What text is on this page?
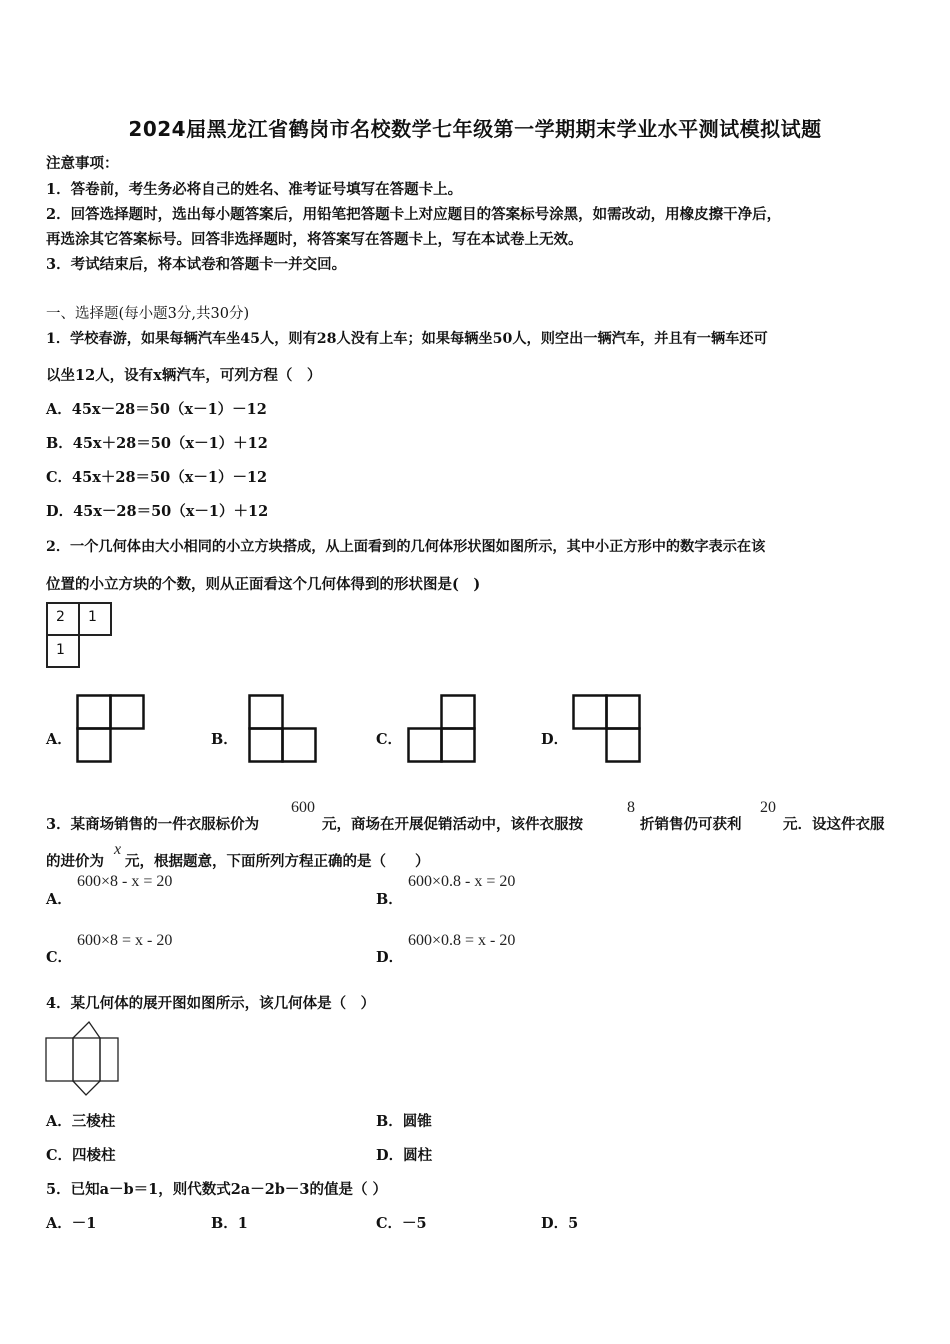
2024届黑龙江省鹤岗市名校数学七年级第一学期期末学业水平测试模拟试题
注意事项：
1．答卷前，考生务必将自己的姓名、准考证号填写在答题卡上。
2．回答选择题时，选出每小题答案后，用铅笔把答题卡上对应题目的答案标号涂黑，如需改动，用橡皮擦干净后，
再选涂其它答案标号。回答非选择题时，将答案写在答题卡上，写在本试卷上无效。
3．考试结束后，将本试卷和答题卡一并交回。
一、选择题(每小题3分,共30分)
1．学校春游，如果每辆汽车坐45人，则有28人没有上车；如果每辆坐50人，则空出一辆汽车，并且有一辆车还可
以坐12人，设有x辆汽车，可列方程（　）
A．45x－28＝50（x－1）－12
B．45x＋28＝50（x－1）＋12
C．45x＋28＝50（x－1）－12
D．45x－28＝50（x－1）＋12
2．一个几何体由大小相同的小立方块搭成，从上面看到的几何体形状图如图所示，其中小正方形中的数字表示在该
位置的小立方块的个数，则从正面看这个几何体得到的形状图是(　)
2 1
1
A．	B．	C．	D．
3．某商场销售的一件衣服标价为
600
元，商场在开展促销活动中，该件衣服按
8
折销售仍可获利
20
元．设这件衣服
的进价为
x
元，根据题意，下面所列方程正确的是（　　）
A．
600×8 - x = 20
B．
600×0.8 - x = 20
C．
600×8 = x - 20
D．
600×0.8 = x - 20
4．某几何体的展开图如图所示，该几何体是（　）
A．三棱柱	B．圆锥
C．四棱柱	D．圆柱
5．已知a－b＝1，则代数式2a－2b－3的值是（ ）
A．－1	B．1	C．－5	D．5
